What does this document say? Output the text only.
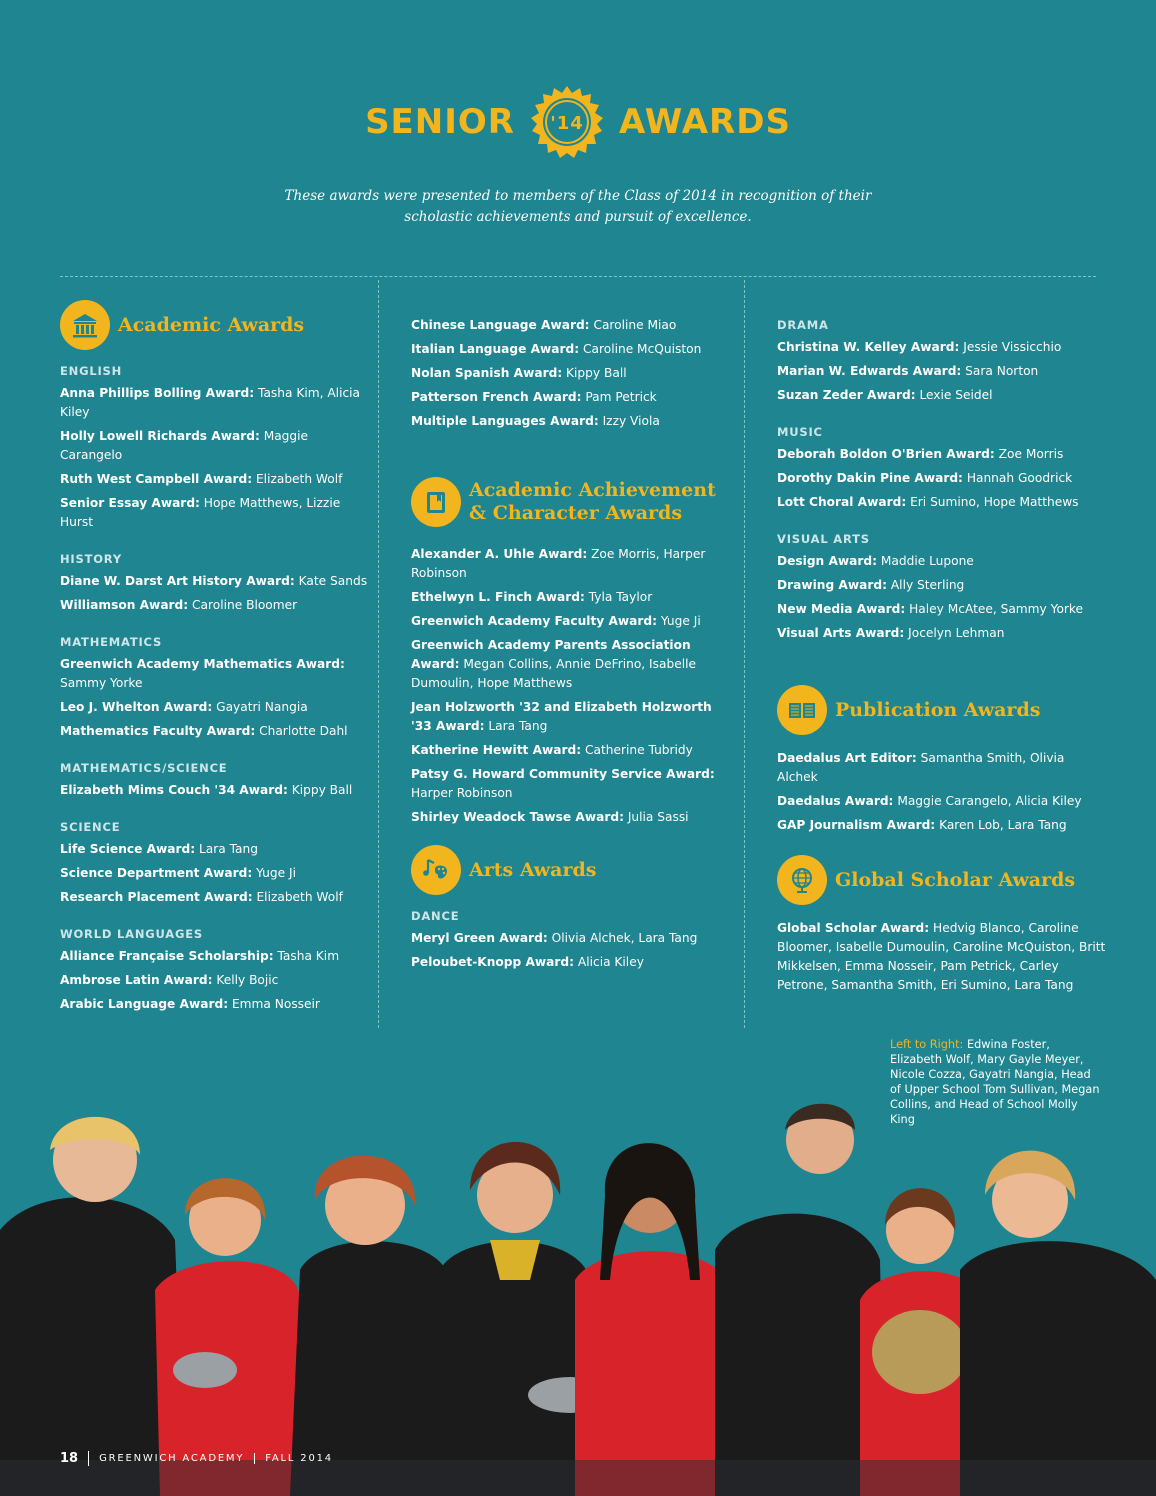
SENIOR	'14 AWARDS
These awards were presented to members of the Class of 2014 in recognition of their
scholastic achievements and pursuit of excellence.
Academic Awards
ENGLISH
Anna Phillips Bolling Award: Tasha Kim, Alicia Kiley
Holly Lowell Richards Award: Maggie Carangelo
Ruth West Campbell Award: Elizabeth Wolf
Senior Essay Award: Hope Matthews, Lizzie Hurst
HISTORY
Diane W. Darst Art History Award: Kate Sands
Williamson Award: Caroline Bloomer
MATHEMATICS
Greenwich Academy Mathematics Award: Sammy Yorke
Leo J. Whelton Award: Gayatri Nangia
Mathematics Faculty Award: Charlotte Dahl
MATHEMATICS/SCIENCE
Elizabeth Mims Couch '34 Award: Kippy Ball
SCIENCE
Life Science Award: Lara Tang
Science Department Award: Yuge Ji
Research Placement Award: Elizabeth Wolf
WORLD LANGUAGES
Alliance Française Scholarship: Tasha Kim
Ambrose Latin Award: Kelly Bojic
Arabic Language Award: Emma Nosseir
Chinese Language Award: Caroline Miao
Italian Language Award: Caroline McQuiston
Nolan Spanish Award: Kippy Ball
Patterson French Award: Pam Petrick
Multiple Languages Award: Izzy Viola
Academic Achievement
& Character Awards
Alexander A. Uhle Award: Zoe Morris, Harper Robinson
Ethelwyn L. Finch Award: Tyla Taylor
Greenwich Academy Faculty Award: Yuge Ji
Greenwich Academy Parents Association Award: Megan Collins, Annie DeFrino, Isabelle Dumoulin, Hope Matthews
Jean Holzworth '32 and Elizabeth Holzworth '33 Award: Lara Tang
Katherine Hewitt Award: Catherine Tubridy
Patsy G. Howard Community Service Award: Harper Robinson
Shirley Weadock Tawse Award: Julia Sassi
Arts Awards
DANCE
Meryl Green Award: Olivia Alchek, Lara Tang
Peloubet-Knopp Award: Alicia Kiley
DRAMA
Christina W. Kelley Award: Jessie Vissicchio
Marian W. Edwards Award: Sara Norton
Suzan Zeder Award: Lexie Seidel
MUSIC
Deborah Boldon O'Brien Award: Zoe Morris
Dorothy Dakin Pine Award: Hannah Goodrick
Lott Choral Award: Eri Sumino, Hope Matthews
VISUAL ARTS
Design Award: Maddie Lupone
Drawing Award: Ally Sterling
New Media Award: Haley McAtee, Sammy Yorke
Visual Arts Award: Jocelyn Lehman
Publication Awards
Daedalus Art Editor: Samantha Smith, Olivia Alchek
Daedalus Award: Maggie Carangelo, Alicia Kiley
GAP Journalism Award: Karen Lob, Lara Tang
Global Scholar Awards
Global Scholar Award: Hedvig Blanco, Caroline Bloomer, Isabelle Dumoulin, Caroline McQuiston, Britt Mikkelsen, Emma Nosseir, Pam Petrick, Carley Petrone, Samantha Smith, Eri Sumino, Lara Tang
Left to Right: Edwina Foster, Elizabeth Wolf, Mary Gayle Meyer, Nicole Cozza, Gayatri Nangia, Head of Upper School Tom Sullivan, Megan Collins, and Head of School Molly King
18	GREENWICH ACADEMY	FALL 2014
